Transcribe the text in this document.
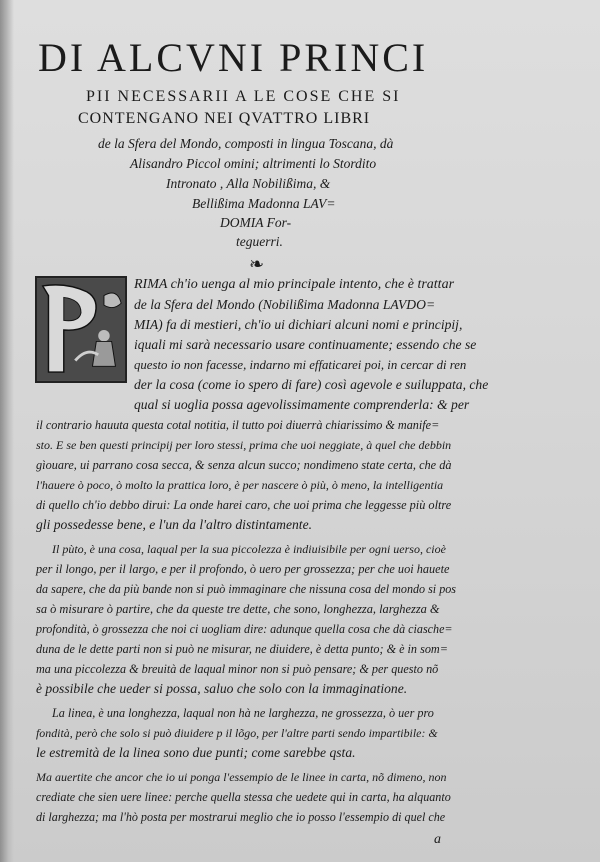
DI ALCVNI PRINCI
PII NECESSARII A LE COSE CHE SI
CONTENGANO NEI QVATTRO LIBRI
de la Sfera del Mondo, composti in lingua Toscana, dà
Alisandro Piccol omini; altrimenti lo Stordito
Intronato , Alla Nobilißima, &
Bellißima Madonna LAV=
DOMIA For-
teguerri.
❧
RIMA ch'io uenga al mio principale intento, che è trattar
de la Sfera del Mondo (Nobilißima Madonna LAVDO=
MIA) fa di mestieri, ch'io ui dichiari alcuni nomi e principij,
iquali mi sarà necessario usare continuamente; essendo che se
questo io non facesse, indarno mi effaticarei poi, in cercar di ren
der la cosa (come io spero di fare) così agevole e suiluppata, che
qual si uoglia possa agevolissimamente comprenderla: & per
il contrario hauuta questa cotal notitia, il tutto poi diuerrà chiarissimo & manife=
sto. E se ben questi principij per loro stessi, prima che uoi neggiate, à quel che debbin
gìouare, ui parrano cosa secca, & senza alcun succo; nondimeno state certa, che dà
l'hauere ò poco, ò molto la prattica loro, è per nascere ò più, ò meno, la intelligentia
di quello ch'io debbo dirui: La onde harei caro, che uoi prima che leggesse più oltre
gli possedesse bene, e l'un da l'altro distintamente.
Il pùto, è una cosa, laqual per la sua piccolezza è indiuisibile per ogni uerso, cioè
per il longo, per il largo, e per il profondo, ò uero per grossezza; per che uoi hauete
da sapere, che da più bande non si può immaginare che nissuna cosa del mondo si pos
sa ò misurare ò partire, che da queste tre dette, che sono, longhezza, larghezza &
profondità, ò grossezza che noi ci uogliam dire: adunque quella cosa che dà ciasche=
duna de le dette parti non si può ne misurar, ne diuidere, è detta punto; & è in som=
ma una piccolezza & breuità de laqual minor non si può pensare; & per questo nõ
è possibile che ueder si possa, saluo che solo con la immaginatione.
La linea, è una longhezza, laqual non hà ne larghezza, ne grossezza, ò uer pro
fondità, però che solo si può diuidere p il lõgo, per l'altre parti sendo impartibile: &
le estremità de la linea sono due punti; come sarebbe qsta.
Ma auertite che ancor che io ui ponga l'essempio de le linee in carta, nõ dimeno, non
crediate che sien uere linee: perche quella stessa che uedete qui in carta, ha alquanto
di larghezza; ma l'hò posta per mostrarui meglio che io posso l'essempio di quel che
a
